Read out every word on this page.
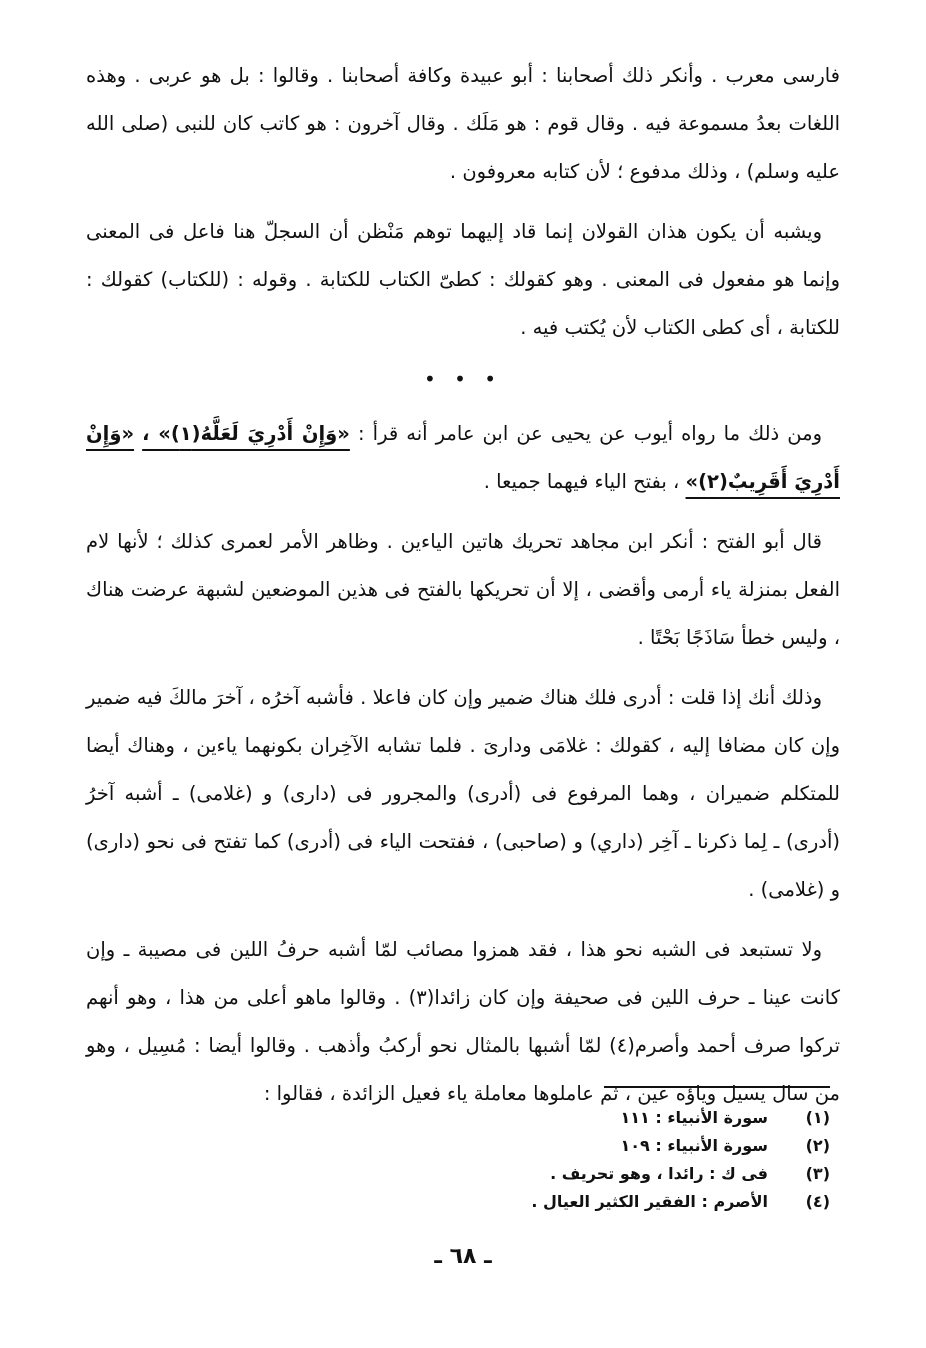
فارسى معرب . وأنكر ذلك أصحابنا : أبو عبيدة وكافة أصحابنا . وقالوا : بل هو عربى . وهذه اللغات بعدُ مسموعة فيه . وقال قوم : هو مَلَك . وقال آخرون : هو كاتب كان للنبى (صلى الله عليه وسلم) ، وذلك مدفوع ؛ لأن كتابه معروفون .

ويشبه أن يكون هذان القولان إنما قاد إليهما توهم مَنْظن أن السجلّ هنا فاعل فى المعنى وإنما هو مفعول فى المعنى . وهو كقولك : كطىّ الكتاب للكتابة . وقوله : (للكتاب) كقولك : للكتابة ، أى كطى الكتاب لأن يُكتب فيه .

• • •

ومن ذلك ما رواه أيوب عن يحيى عن ابن عامر أنه قرأ : «وَإِنْ أَدْرِيَ لَعَلَّهُ(١)» ، «وَإِنْ أَدْرِيَ أَقَرِيبٌ(٢)» ، بفتح الياء فيهما جميعا .

قال أبو الفتح : أنكر ابن مجاهد تحريك هاتين الياءين . وظاهر الأمر لعمرى كذلك ؛ لأنها لام الفعل بمنزلة ياء أرمى وأقضى ، إلا أن تحريكها بالفتح فى هذين الموضعين لشبهة عرضت هناك ، وليس خطأ سَاذَجًا بَحْتًا .

وذلك أنك إذا قلت : أدرى فلك هناك ضمير وإن كان فاعلا . فأشبه آخرُه ، آخرَ مالكَ فيه ضمير وإن كان مضافا إليه ، كقولك : غلامَى ودارىَ . فلما تشابه الآخِران بكونهما ياءين ، وهناك أيضا للمتكلم ضميران ، وهما المرفوع فى (أدرى) والمجرور فى (دارى) و (غلامى) ـ أشبه آخرُ (أدرى) ـ لِما ذكرنا ـ آخِر (داري) و (صاحبى) ، ففتحت الياء فى (أدرى) كما تفتح فى نحو (دارى) و (غلامى) .

ولا تستبعد فى الشبه نحو هذا ، فقد همزوا مصائب لمّا أشبه حرفُ اللين فى مصيبة ـ وإن كانت عينا ـ حرف اللين فى صحيفة وإن كان زائدا(٣) . وقالوا ماهو أعلى من هذا ، وهو أنهم تركوا صرف أحمد وأصرم(٤) لمّا أشبها بالمثال نحو أركبُ وأذهب . وقالوا أيضا : مُسِيل ، وهو من سال يسيل وياؤه عين ، ثم عاملوها معاملة ياء فعيل الزائدة ، فقالوا :

(١)
سورة الأنبياء : ١١١
(٢)
سورة الأنبياء : ١٠٩
(٣)
فى ك : رائدا ، وهو تحريف .
(٤)
الأصرم : الفقير الكثير العيال .
ـ ٦٨ ـ
